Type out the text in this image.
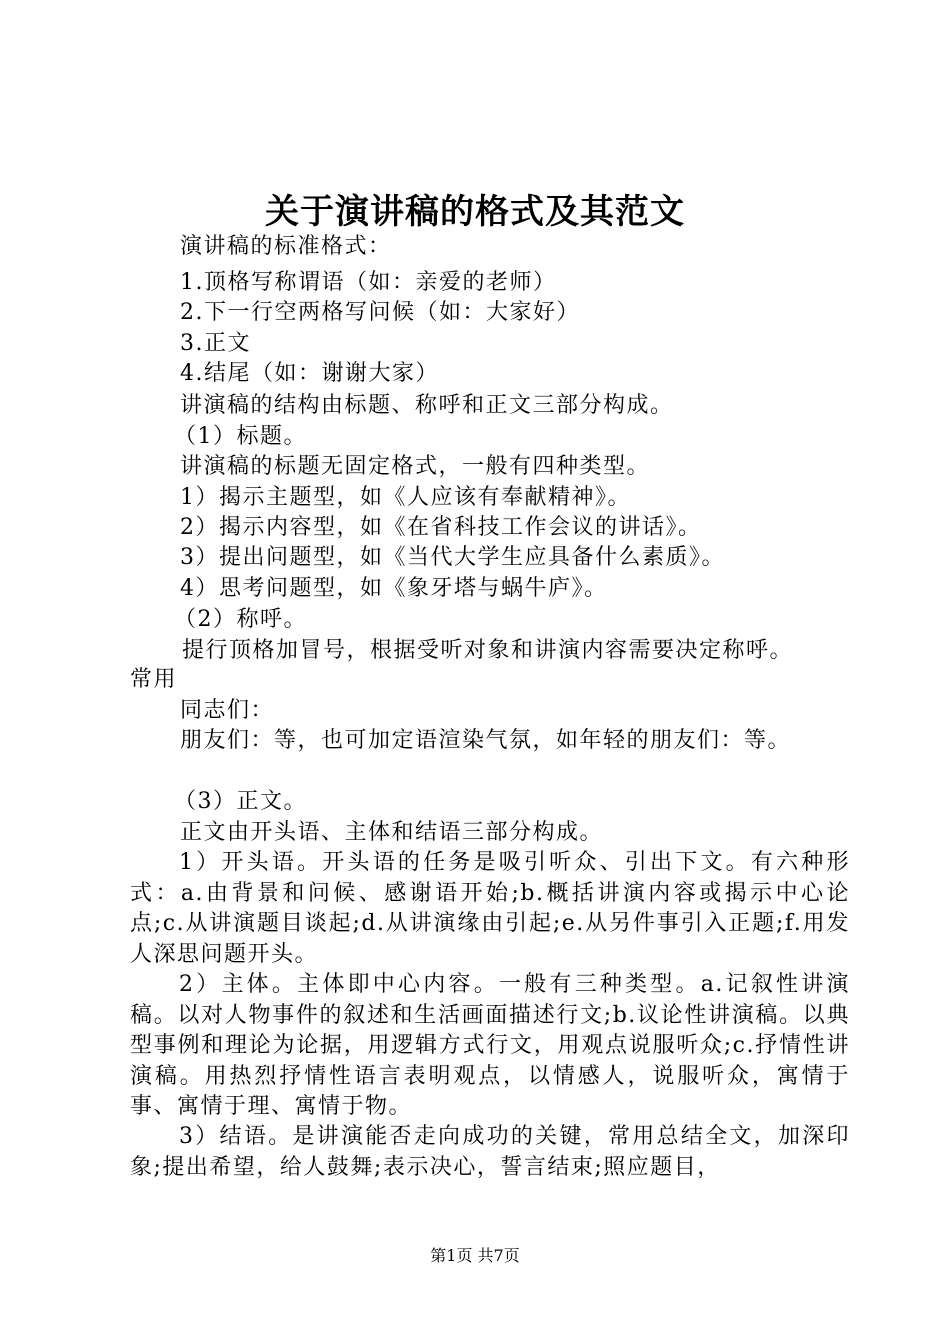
关于演讲稿的格式及其范文
演讲稿的标准格式：
1.顶格写称谓语（如：亲爱的老师）
2.下一行空两格写问候（如：大家好）
3.正文
4.结尾（如：谢谢大家）
讲演稿的结构由标题、称呼和正文三部分构成。
（1）标题。
讲演稿的标题无固定格式，一般有四种类型。
1）揭示主题型，如《人应该有奉献精神》。
2）揭示内容型，如《在省科技工作会议的讲话》。
3）提出问题型，如《当代大学生应具备什么素质》。
4）思考问题型，如《象牙塔与蜗牛庐》。
（2）称呼。
提行顶格加冒号，根据受听对象和讲演内容需要决定称呼。
常用
同志们：
朋友们：等，也可加定语渲染气氛，如年轻的朋友们：等。
（3）正文。
正文由开头语、主体和结语三部分构成。
1）开头语。开头语的任务是吸引听众、引出下文。有六种形式：a.由背景和问候、感谢语开始;b.概括讲演内容或揭示中心论点;c.从讲演题目谈起;d.从讲演缘由引起;e.从另件事引入正题;f.用发人深思问题开头。
2）主体。主体即中心内容。一般有三种类型。a.记叙性讲演稿。以对人物事件的叙述和生活画面描述行文;b.议论性讲演稿。以典型事例和理论为论据，用逻辑方式行文，用观点说服听众;c.抒情性讲演稿。用热烈抒情性语言表明观点，以情感人，说服听众，寓情于事、寓情于理、寓情于物。
3）结语。是讲演能否走向成功的关键，常用总结全文，加深印象;提出希望，给人鼓舞;表示决心，誓言结束;照应题目，
第1页 共7页
